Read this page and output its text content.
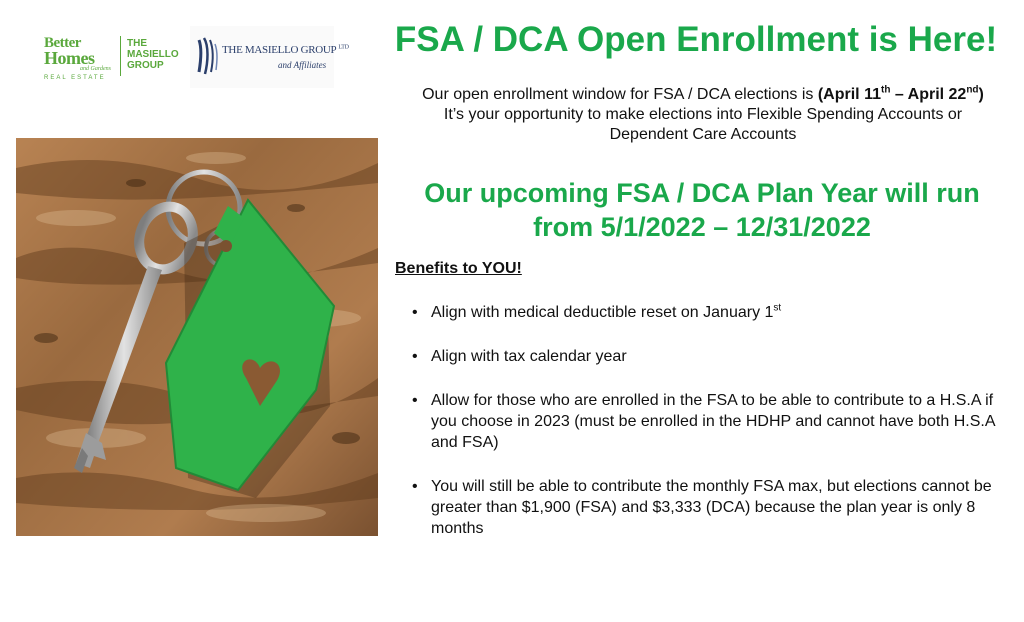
Better
Homes
and Gardens
REAL ESTATE
THE
MASIELLO
GROUP
THE MASIELLO GROUP $^{LTD}$
and Affiliates
FSA / DCA Open Enrollment is Here!
Our open enrollment window for FSA / DCA elections is (April 11th – April 22nd) It’s your opportunity to make elections into Flexible Spending Accounts or Dependent Care Accounts
Our upcoming FSA / DCA Plan Year will run
from 5/1/2022 – 12/31/2022
Benefits to YOU!
• Align with medical deductible reset on January 1st
• Align with tax calendar year
• Allow for those who are enrolled in the FSA to be able to contribute to a H.S.A if you choose in 2023 (must be enrolled in the HDHP and cannot have both H.S.A and FSA)
• You will still be able to contribute the monthly FSA max, but elections cannot be greater than $1,900 (FSA) and $3,333 (DCA) because the plan year is only 8 months
